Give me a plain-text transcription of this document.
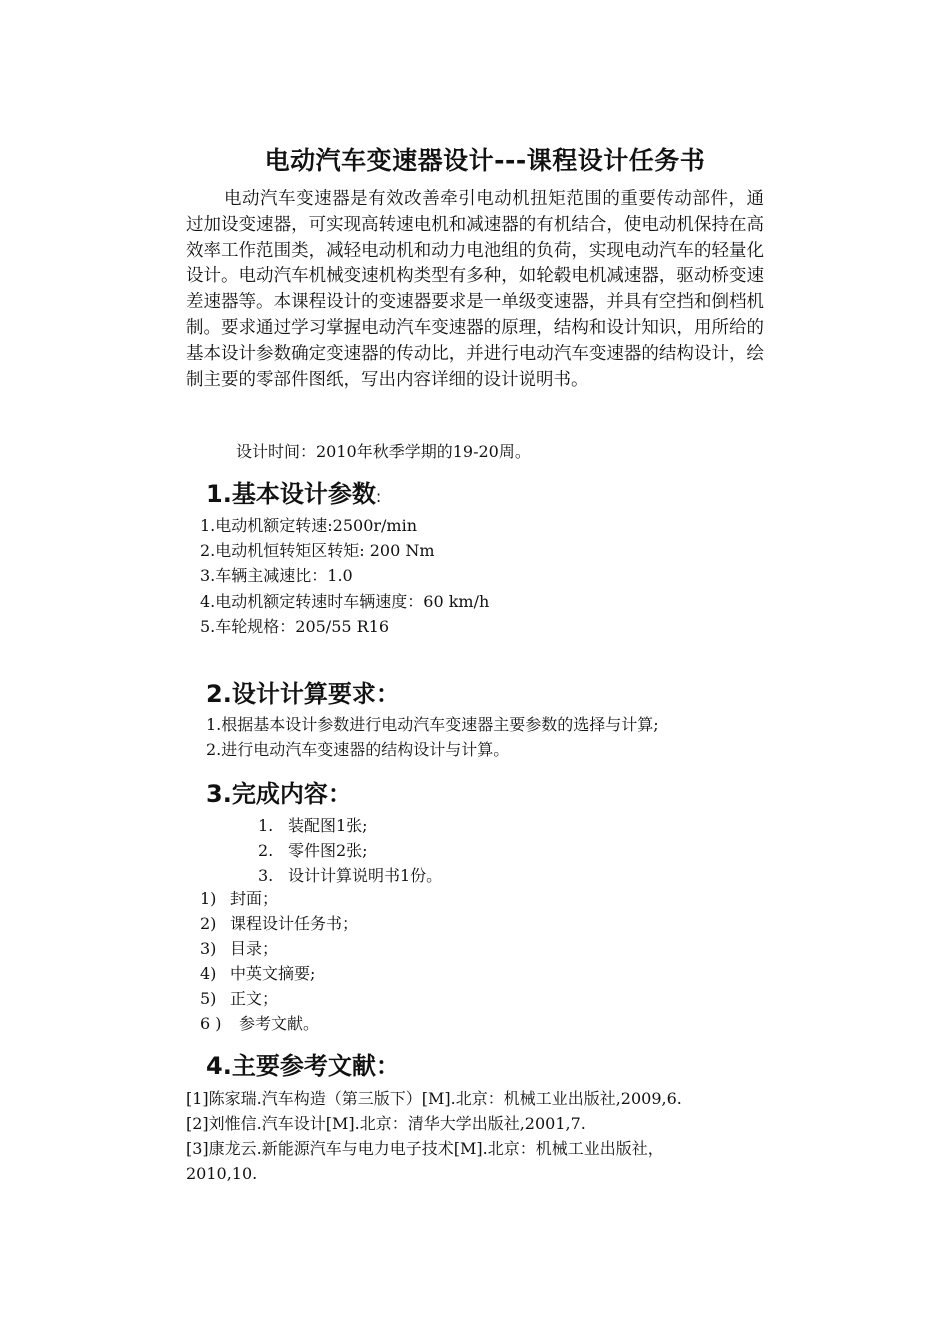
电动汽车变速器设计---课程设计任务书

电动汽车变速器是有效改善牵引电动机扭矩范围的重要传动部件，通过加设变速器，可实现高转速电机和减速器的有机结合，使电动机保持在高效率工作范围类，减轻电动机和动力电池组的负荷，实现电动汽车的轻量化设计。电动汽车机械变速机构类型有多种，如轮毂电机减速器，驱动桥变速差速器等。本课程设计的变速器要求是一单级变速器，并具有空挡和倒档机制。要求通过学习掌握电动汽车变速器的原理，结构和设计知识，用所给的基本设计参数确定变速器的传动比，并进行电动汽车变速器的结构设计，绘制主要的零部件图纸，写出内容详细的设计说明书。

设计时间：2010年秋季学期的19-20周。

1.基本设计参数:
1.电动机额定转速:2500r/min
2.电动机恒转矩区转矩: 200 Nm
3.车辆主减速比：1.0
4.电动机额定转速时车辆速度：60 km/h
5.车轮规格：205/55 R16
2.设计计算要求：
1.根据基本设计参数进行电动汽车变速器主要参数的选择与计算;
2.进行电动汽车变速器的结构设计与计算。
3.完成内容：
1. 装配图1张;
2. 零件图2张;
3. 设计计算说明书1份。
1) 封面；
2) 课程设计任务书；
3) 目录；
4) 中英文摘要;
5) 正文；
6 ) 参考文献。
4.主要参考文献：
[1]陈家瑞.汽车构造（第三版下）[M].北京：机械工业出版社,2009,6.
[2]刘惟信.汽车设计[M].北京：清华大学出版社,2001,7.
[3]康龙云.新能源汽车与电力电子技术[M].北京：机械工业出版社，
2010,10.
